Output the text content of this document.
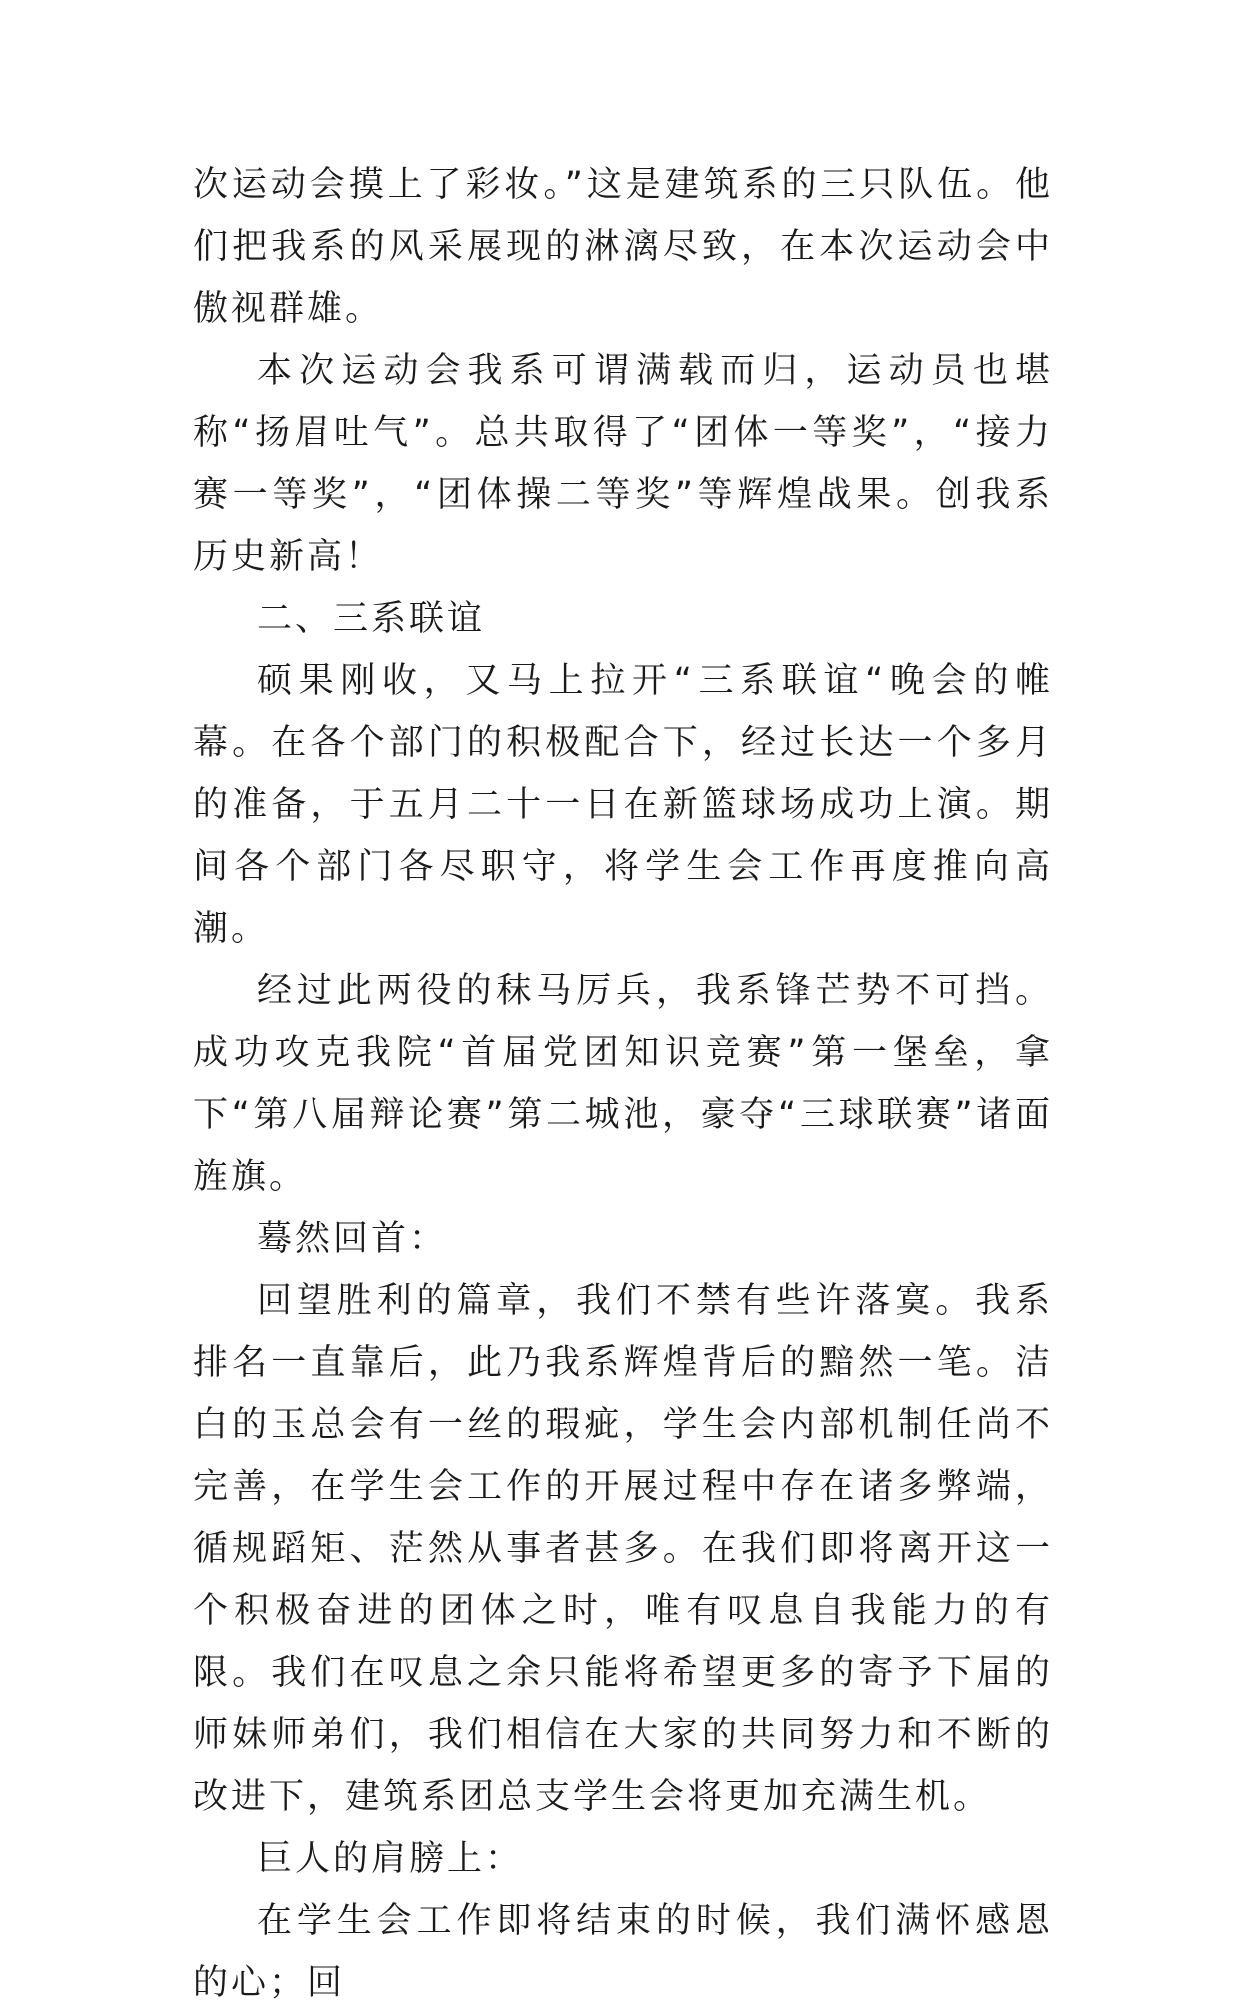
次运动会摸上了彩妆。”这是建筑系的三只队伍。他们把我系的风采展现的淋漓尽致，在本次运动会中傲视群雄。

本次运动会我系可谓满载而归，运动员也堪称“扬眉吐气”。总共取得了“团体一等奖”，“接力赛一等奖”，“团体操二等奖”等辉煌战果。创我系历史新高！

二、三系联谊

硕果刚收，又马上拉开“三系联谊“晚会的帷幕。在各个部门的积极配合下，经过长达一个多月的准备，于五月二十一日在新篮球场成功上演。期间各个部门各尽职守，将学生会工作再度推向高潮。

经过此两役的秣马厉兵，我系锋芒势不可挡。成功攻克我院“首届党团知识竞赛”第一堡垒，拿下“第八届辩论赛”第二城池，豪夺“三球联赛”诸面旌旗。

蓦然回首：

回望胜利的篇章，我们不禁有些许落寞。我系排名一直靠后，此乃我系辉煌背后的黯然一笔。洁白的玉总会有一丝的瑕疵，学生会内部机制任尚不完善，在学生会工作的开展过程中存在诸多弊端，循规蹈矩、茫然从事者甚多。在我们即将离开这一个积极奋进的团体之时，唯有叹息自我能力的有限。我们在叹息之余只能将希望更多的寄予下届的师妹师弟们，我们相信在大家的共同努力和不断的改进下，建筑系团总支学生会将更加充满生机。

巨人的肩膀上：

在学生会工作即将结束的时候，我们满怀感恩的心；回
